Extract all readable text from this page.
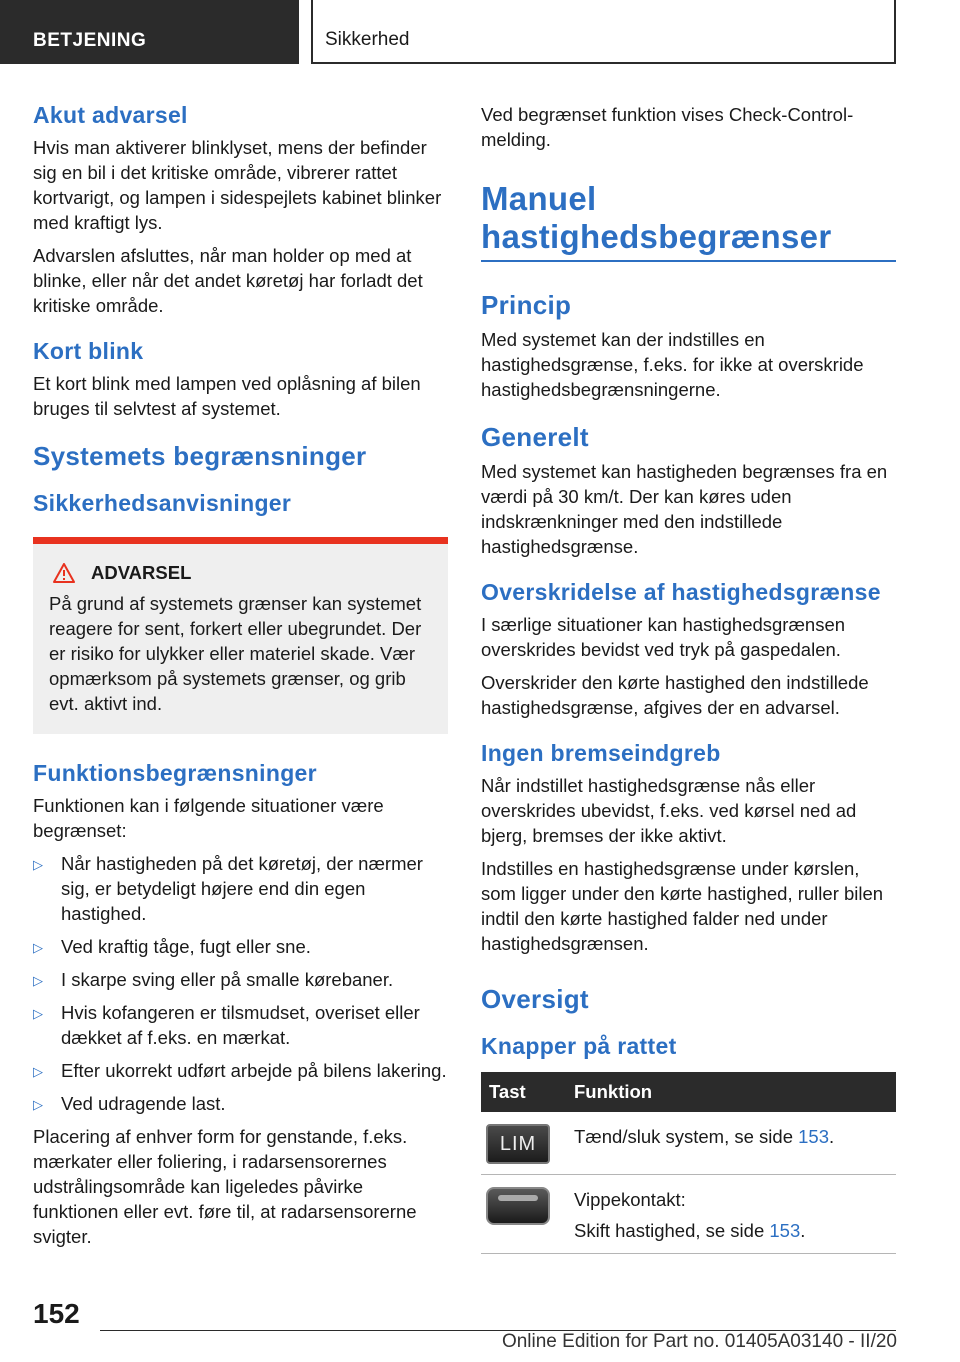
BETJENING	Sikkerhed
Akut advarsel
Hvis man aktiverer blinklyset, mens der befinder sig en bil i det kritiske område, vibrerer rattet kortvarigt, og lampen i sidespejlets kabinet blinker med kraftigt lys.
Advarslen afsluttes, når man holder op med at blinke, eller når det andet køretøj har forladt det kritiske område.
Kort blink
Et kort blink med lampen ved oplåsning af bilen bruges til selvtest af systemet.
Systemets begrænsninger
Sikkerhedsanvisninger
ADVARSEL
På grund af systemets grænser kan systemet reagere for sent, forkert eller ubegrundet. Der er risiko for ulykker eller materiel skade. Vær opmærksom på systemets grænser, og grib evt. aktivt ind.
Funktionsbegrænsninger
Funktionen kan i følgende situationer være begrænset:
▷ Når hastigheden på det køretøj, der nærmer sig, er betydeligt højere end din egen hastighed.
▷ Ved kraftig tåge, fugt eller sne.
▷ I skarpe sving eller på smalle kørebaner.
▷ Hvis kofangeren er tilsmudset, overiset eller dækket af f.eks. en mærkat.
▷ Efter ukorrekt udført arbejde på bilens lakering.
▷ Ved udragende last.
Placering af enhver form for genstande, f.eks. mærkater eller foliering, i radarsensorernes udstrålingsområde kan ligeledes påvirke funktionen eller evt. føre til, at radarsensorerne svigter.
Ved begrænset funktion vises Check-Control-melding.
Manuel hastighedsbegrænser
Princip
Med systemet kan der indstilles en hastighedsgrænse, f.eks. for ikke at overskride hastighedsbegrænsningerne.
Generelt
Med systemet kan hastigheden begrænses fra en værdi på 30 km/t. Der kan køres uden indskrænkninger med den indstillede hastighedsgrænse.
Overskridelse af hastighedsgrænse
I særlige situationer kan hastighedsgrænsen overskrides bevidst ved tryk på gaspedalen.
Overskrider den kørte hastighed den indstillede hastighedsgrænse, afgives der en advarsel.
Ingen bremseindgreb
Når indstillet hastighedsgrænse nås eller overskrides ubevidst, f.eks. ved kørsel ned ad bjerg, bremses der ikke aktivt.
Indstilles en hastighedsgrænse under kørslen, som ligger under den kørte hastighed, ruller bilen indtil den kørte hastighed falder ned under hastighedsgrænsen.
Oversigt
Knapper på rattet
Tast	Funktion

LIM	Tænd/sluk system, se side 153.

	Vippekontakt:
Skift hastighed, se side 153.
152
Online Edition for Part no. 01405A03140 - II/20
